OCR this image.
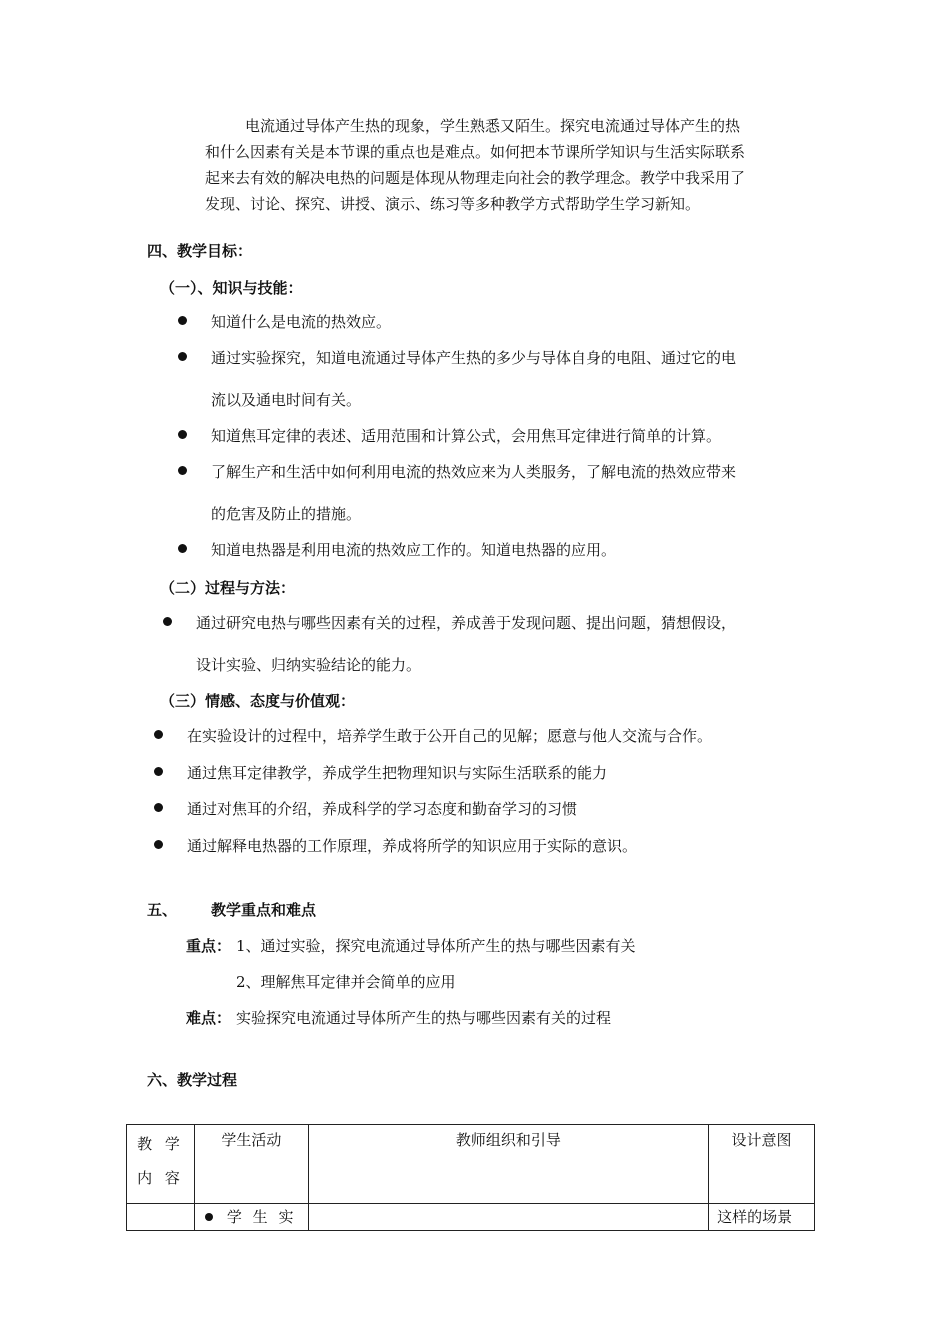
电流通过导体产生热的现象，学生熟悉又陌生。探究电流通过导体产生的热

和什么因素有关是本节课的重点也是难点。如何把本节课所学知识与生活实际联系

起来去有效的解决电热的问题是体现从物理走向社会的教学理念。教学中我采用了

发现、讨论、探究、讲授、演示、练习等多种教学方式帮助学生学习新知。

四、教学目标：
（一）、知识与技能：
知道什么是电流的热效应。
通过实验探究，知道电流通过导体产生热的多少与导体自身的电阻、通过它的电
流以及通电时间有关。
知道焦耳定律的表述、适用范围和计算公式，会用焦耳定律进行简单的计算。
了解生产和生活中如何利用电流的热效应来为人类服务，了解电流的热效应带来
的危害及防止的措施。
知道电热器是利用电流的热效应工作的。知道电热器的应用。
（二）过程与方法：
通过研究电热与哪些因素有关的过程，养成善于发现问题、提出问题，猜想假设，
设计实验、归纳实验结论的能力。
（三）情感、态度与价值观：
在实验设计的过程中，培养学生敢于公开自己的见解；愿意与他人交流与合作。
通过焦耳定律教学，养成学生把物理知识与实际生活联系的能力
通过对焦耳的介绍，养成科学的学习态度和勤奋学习的习惯
通过解释电热器的工作原理，养成将所学的知识应用于实际的意识。
五、 教学重点和难点
重点： 1、通过实验，探究电流通过导体所产生的热与哪些因素有关
2、理解焦耳定律并会简单的应用
难点： 实验探究电流通过导体所产生的热与哪些因素有关的过程
六、教学过程
教 学
内 容	学生活动	教师组织和引导	设计意图
	学 生 实		这样的场景
